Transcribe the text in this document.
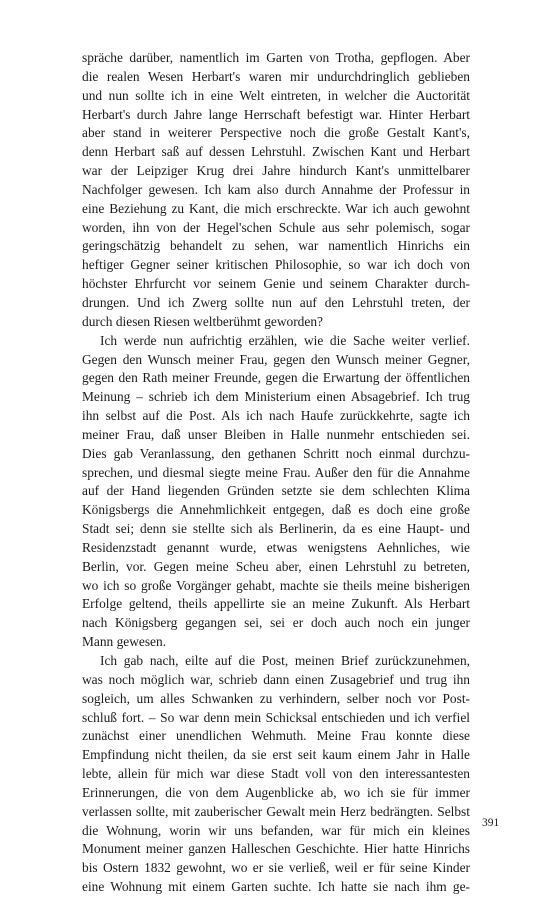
spräche darüber, namentlich im Garten von Trotha, gepflogen. Aber
die realen Wesen Herbart's waren mir undurchdringlich geblieben
und nun sollte ich in eine Welt eintreten, in welcher die Auctorität
Herbart's durch Jahre lange Herrschaft befestigt war. Hinter Herbart
aber stand in weiterer Perspective noch die große Gestalt Kant's,
denn Herbart saß auf dessen Lehrstuhl. Zwischen Kant und Herbart
war der Leipziger Krug drei Jahre hindurch Kant's unmittelbarer
Nachfolger gewesen. Ich kam also durch Annahme der Professur in
eine Beziehung zu Kant, die mich erschreckte. War ich auch gewohnt
worden, ihn von der Hegel'schen Schule aus sehr polemisch, sogar
geringschätzig behandelt zu sehen, war namentlich Hinrichs ein
heftiger Gegner seiner kritischen Philosophie, so war ich doch von
höchster Ehrfurcht vor seinem Genie und seinem Charakter durch-
drungen. Und ich Zwerg sollte nun auf den Lehrstuhl treten, der
durch diesen Riesen weltberühmt geworden?
Ich werde nun aufrichtig erzählen, wie die Sache weiter verlief.
Gegen den Wunsch meiner Frau, gegen den Wunsch meiner Gegner,
gegen den Rath meiner Freunde, gegen die Erwartung der öffentlichen
Meinung – schrieb ich dem Ministerium einen Absagebrief. Ich trug
ihn selbst auf die Post. Als ich nach Haufe zurückkehrte, sagte ich
meiner Frau, daß unser Bleiben in Halle nunmehr entschieden sei.
Dies gab Veranlassung, den gethanen Schritt noch einmal durchzu-
sprechen, und diesmal siegte meine Frau. Außer den für die Annahme
auf der Hand liegenden Gründen setzte sie dem schlechten Klima
Königsbergs die Annehmlichkeit entgegen, daß es doch eine große
Stadt sei; denn sie stellte sich als Berlinerin, da es eine Haupt- und
Residenzstadt genannt wurde, etwas wenigstens Aehnliches, wie
Berlin, vor. Gegen meine Scheu aber, einen Lehrstuhl zu betreten,
wo ich so große Vorgänger gehabt, machte sie theils meine bisherigen
Erfolge geltend, theils appellirte sie an meine Zukunft. Als Herbart
nach Königsberg gegangen sei, sei er doch auch noch ein junger
Mann gewesen.
Ich gab nach, eilte auf die Post, meinen Brief zurückzunehmen,
was noch möglich war, schrieb dann einen Zusagebrief und trug ihn
sogleich, um alles Schwanken zu verhindern, selber noch vor Post-
schluß fort. – So war denn mein Schicksal entschieden und ich verfiel
zunächst einer unendlichen Wehmuth. Meine Frau konnte diese
Empfindung nicht theilen, da sie erst seit kaum einem Jahr in Halle
lebte, allein für mich war diese Stadt voll von den interessantesten
Erinnerungen, die von dem Augenblicke ab, wo ich sie für immer
verlassen sollte, mit zauberischer Gewalt mein Herz bedrängten. Selbst
die Wohnung, worin wir uns befanden, war für mich ein kleines
Monument meiner ganzen Halleschen Geschichte. Hier hatte Hinrichs
bis Ostern 1832 gewohnt, wo er sie verließ, weil er für seine Kinder
eine Wohnung mit einem Garten suchte. Ich hatte sie nach ihm ge-
391
